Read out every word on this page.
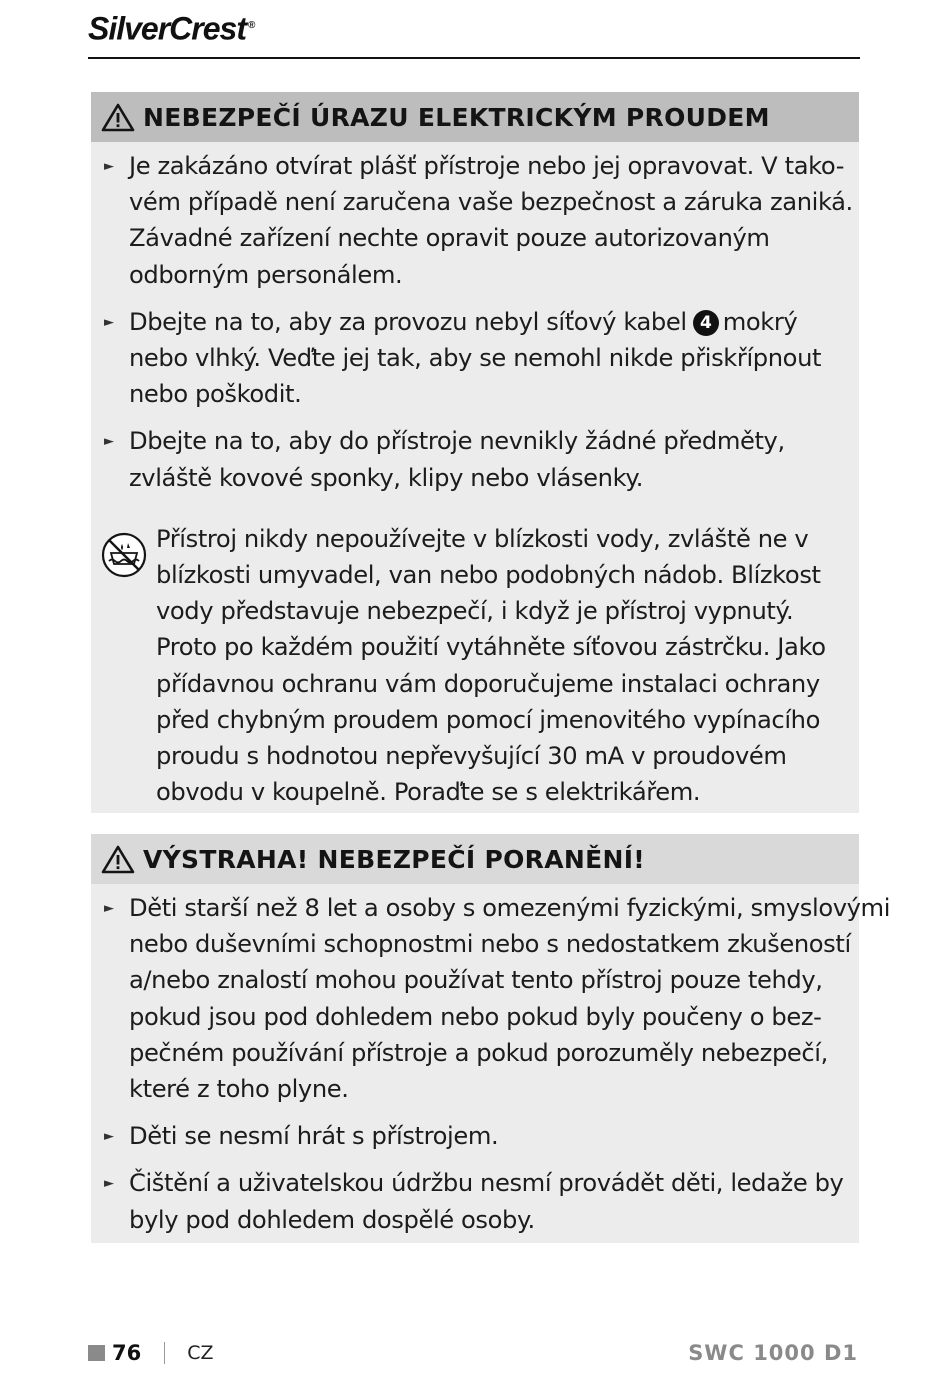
SilverCrest ®
NEBEZPEČÍ ÚRAZU ELEKTRICKÝM PROUDEM
► Je zakázáno otvírat plášť přístroje nebo jej opravovat. V tako-
vém případě není zaručena vaše bezpečnost a záruka zaniká.
Závadné zařízení nechte opravit pouze autorizovaným
odborným personálem.
► Dbejte na to, aby za provozu nebyl síťový kabel 4 mokrý
nebo vlhký. Veďte jej tak, aby se nemohl nikde přiskřípnout
nebo poškodit.
► Dbejte na to, aby do přístroje nevnikly žádné předměty,
zvláště kovové sponky, klipy nebo vlásenky.
Přístroj nikdy nepoužívejte v blízkosti vody, zvláště ne v
blízkosti umyvadel, van nebo podobných nádob. Blízkost
vody představuje nebezpečí, i když je přístroj vypnutý.
Proto po každém použití vytáhněte síťovou zástrčku. Jako
přídavnou ochranu vám doporučujeme instalaci ochrany
před chybným proudem pomocí jmenovitého vypínacího
proudu s hodnotou nepřevyšující 30 mA v proudovém
obvodu v koupelně. Poraďte se s elektrikářem.
VÝSTRAHA! NEBEZPEČÍ PORANĚNÍ!
► Děti starší než 8 let a osoby s omezenými fyzickými, smyslovými
nebo duševními schopnostmi nebo s nedostatkem zkušeností
a/nebo znalostí mohou používat tento přístroj pouze tehdy,
pokud jsou pod dohledem nebo pokud byly poučeny o bez-
pečném používání přístroje a pokud porozuměly nebezpečí,
které z toho plyne.
► Děti se nesmí hrát s přístrojem.
► Čištění a uživatelskou údržbu nesmí provádět děti, ledaže by
byly pod dohledem dospělé osoby.
76 CZ	SWC 1000 D1
